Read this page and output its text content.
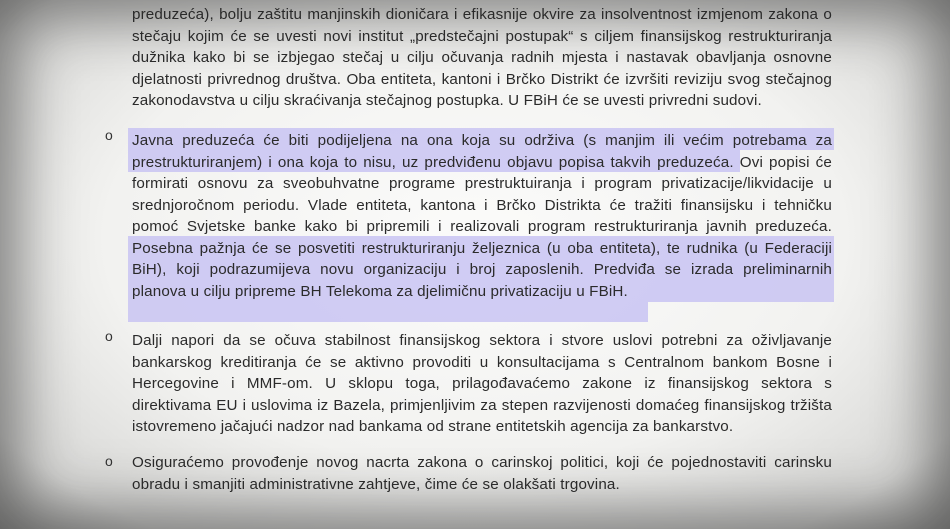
preduzeća), bolju zaštitu manjinskih dioničara i efikasnije okvire za insolventnost izmjenom zakona o
stečaju kojim će se uvesti novi institut „predstečajni postupak“ s ciljem finansijskog restrukturiranja
dužnika kako bi se izbjegao stečaj u cilju očuvanja radnih mjesta i nastavak obavljanja osnovne
djelatnosti privrednog društva. Oba entiteta, kantoni i Brčko Distrikt će izvršiti reviziju svog stečajnog
zakonodavstva u cilju skraćivanja stečajnog postupka. U FBiH će se uvesti privredni sudovi.
o	Javna preduzeća će biti podijeljena na ona koja su održiva (s manjim ili većim potrebama za
prestrukturiranjem) i ona koja to nisu, uz predviđenu objavu popisa takvih preduzeća. Ovi popisi će
formirati osnovu za sveobuhvatne programe prestruktuiranja i program privatizacije/likvidacije u
srednjoročnom periodu. Vlade entiteta, kantona i Brčko Distrikta će tražiti finansijsku i tehničku
pomoć Svjetske banke kako bi pripremili i realizovali program restrukturiranja javnih preduzeća.
Posebna pažnja će se posvetiti restrukturiranju željeznica (u oba entiteta), te rudnika (u Federaciji
BiH), koji podrazumijeva novu organizaciju i broj zaposlenih. Predviđa se izrada preliminarnih
planova u cilju pripreme BH Telekoma za djelimičnu privatizaciju u FBiH.
o	Dalji napori da se očuva stabilnost finansijskog sektora i stvore uslovi potrebni za oživljavanje
bankarskog kreditiranja će se aktivno provoditi u konsultacijama s Centralnom bankom Bosne i
Hercegovine i MMF-om. U sklopu toga, prilagođavaćemo zakone iz finansijskog sektora s
direktivama EU i uslovima iz Bazela, primjenljivim za stepen razvijenosti domaćeg finansijskog tržišta
istovremeno jačajući nadzor nad bankama od strane entitetskih agencija za bankarstvo.
o	Osiguraćemo provođenje novog nacrta zakona o carinskoj politici, koji će pojednostaviti carinsku
obradu i smanjiti administrativne zahtjeve, čime će se olakšati trgovina.
